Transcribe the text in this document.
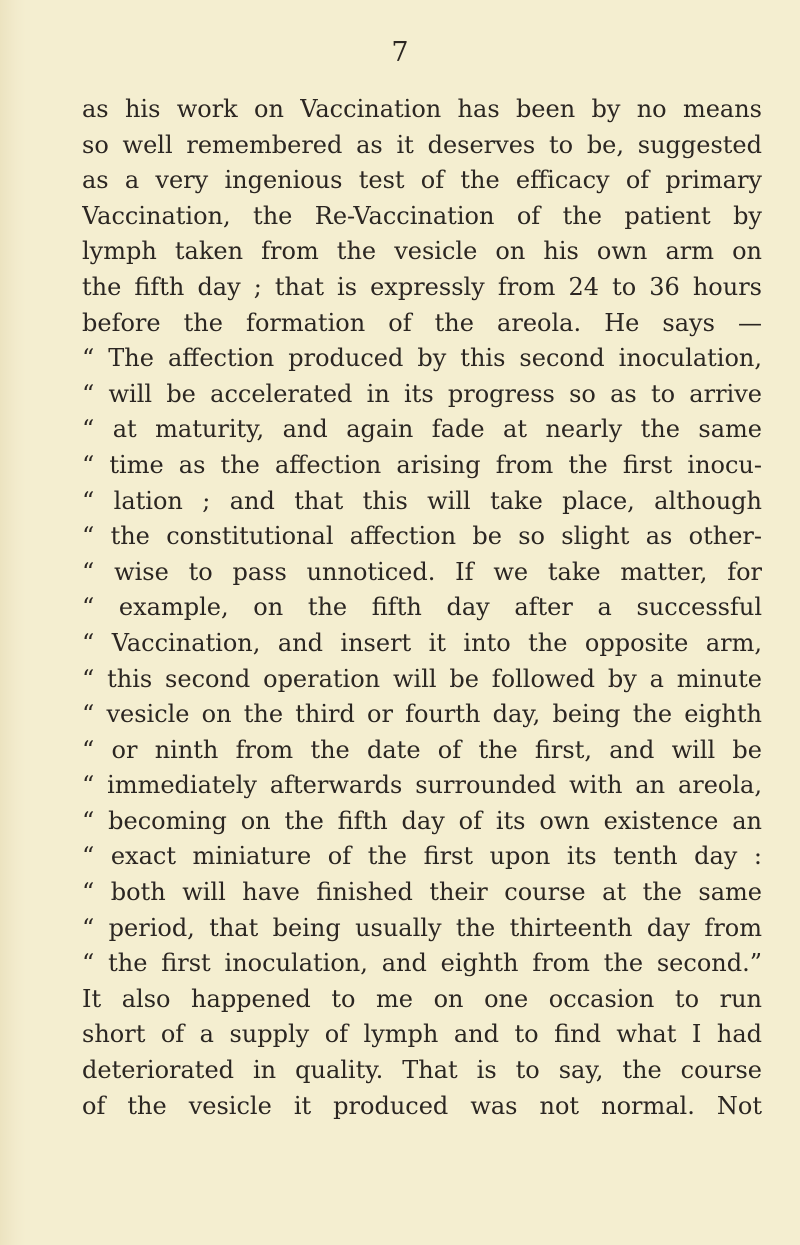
7
as his work on Vaccination has been by no means
so well remembered as it deserves to be, suggested
as a very ingenious test of the efficacy of primary
Vaccination, the Re-Vaccination of the patient by
lymph taken from the vesicle on his own arm on
the fifth day ; that is expressly from 24 to 36 hours
before the formation of the areola. He says —
“ The affection produced by this second inoculation,
“ will be accelerated in its progress so as to arrive
“ at maturity, and again fade at nearly the same
“ time as the affection arising from the first inocu-
“ lation ; and that this will take place, although
“ the constitutional affection be so slight as other-
“ wise to pass unnoticed. If we take matter, for
“ example, on the fifth day after a successful
“ Vaccination, and insert it into the opposite arm,
“ this second operation will be followed by a minute
“ vesicle on the third or fourth day, being the eighth
“ or ninth from the date of the first, and will be
“ immediately afterwards surrounded with an areola,
“ becoming on the fifth day of its own existence an
“ exact miniature of the first upon its tenth day :
“ both will have finished their course at the same
“ period, that being usually the thirteenth day from
“ the first inoculation, and eighth from the second.”
It also happened to me on one occasion to run
short of a supply of lymph and to find what I had
deteriorated in quality. That is to say, the course
of the vesicle it produced was not normal. Not
